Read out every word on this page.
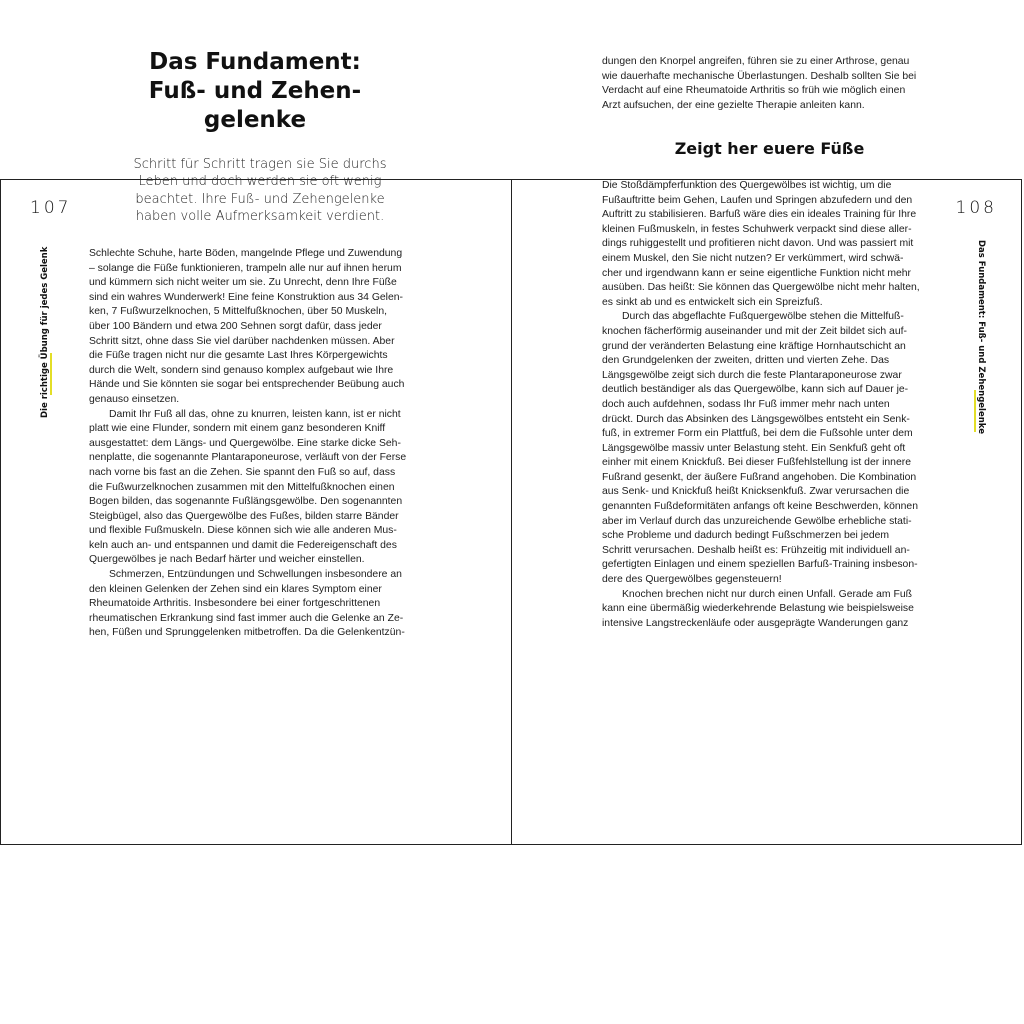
107	108
Die richtige Übung für jedes Gelenk
Das Fundament:
Fuß- und Zehen-
gelenke

Schritt für Schritt tragen sie Sie durchs
Leben und doch werden sie oft wenig
beachtet. Ihre Fuß- und Zehengelenke
haben volle Aufmerksamkeit verdient.

Schlechte Schuhe, harte Böden, mangelnde Pflege und Zuwendung
– solange die Füße funktionieren, trampeln alle nur auf ihnen herum
und kümmern sich nicht weiter um sie. Zu Unrecht, denn Ihre Füße
sind ein wahres Wunderwerk! Eine feine Konstruktion aus 34 Gelen-
ken, 7 Fußwurzelknochen, 5 Mittelfußknochen, über 50 Muskeln,
über 100 Bändern und etwa 200 Sehnen sorgt dafür, dass jeder
Schritt sitzt, ohne dass Sie viel darüber nachdenken müssen. Aber
die Füße tragen nicht nur die gesamte Last Ihres Körpergewichts
durch die Welt, sondern sind genauso komplex aufgebaut wie Ihre
Hände und Sie könnten sie sogar bei entsprechender Beübung auch
genauso einsetzen.
Damit Ihr Fuß all das, ohne zu knurren, leisten kann, ist er nicht
platt wie eine Flunder, sondern mit einem ganz besonderen Kniff
ausgestattet: dem Längs- und Quergewölbe. Eine starke dicke Seh-
nenplatte, die sogenannte Plantaraponeurose, verläuft von der Ferse
nach vorne bis fast an die Zehen. Sie spannt den Fuß so auf, dass
die Fußwurzelknochen zusammen mit den Mittelfußknochen einen
Bogen bilden, das sogenannte Fußlängsgewölbe. Den sogenannten
Steigbügel, also das Quergewölbe des Fußes, bilden starre Bänder
und flexible Fußmuskeln. Diese können sich wie alle anderen Mus-
keln auch an- und entspannen und damit die Federeigenschaft des
Quergewölbes je nach Bedarf härter und weicher einstellen.
Schmerzen, Entzündungen und Schwellungen insbesondere an
den kleinen Gelenken der Zehen sind ein klares Symptom einer
Rheumatoide Arthritis. Insbesondere bei einer fortgeschrittenen
rheumatischen Erkrankung sind fast immer auch die Gelenke an Ze-
hen, Füßen und Sprunggelenken mitbetroffen. Da die Gelenkentzün-
dungen den Knorpel angreifen, führen sie zu einer Arthrose, genau
wie dauerhafte mechanische Überlastungen. Deshalb sollten Sie bei
Verdacht auf eine Rheumatoide Arthritis so früh wie möglich einen
Arzt aufsuchen, der eine gezielte Therapie anleiten kann.
Zeigt her euere Füße
Die Stoßdämpferfunktion des Quergewölbes ist wichtig, um die
Fußauftritte beim Gehen, Laufen und Springen abzufedern und den
Auftritt zu stabilisieren. Barfuß wäre dies ein ideales Training für Ihre
kleinen Fußmuskeln, in festes Schuhwerk verpackt sind diese aller-
dings ruhiggestellt und profitieren nicht davon. Und was passiert mit
einem Muskel, den Sie nicht nutzen? Er verkümmert, wird schwä-
cher und irgendwann kann er seine eigentliche Funktion nicht mehr
ausüben. Das heißt: Sie können das Quergewölbe nicht mehr halten,
es sinkt ab und es entwickelt sich ein Spreizfuß.
Durch das abgeflachte Fußquergewölbe stehen die Mittelfuß-
knochen fächerförmig auseinander und mit der Zeit bildet sich auf-
grund der veränderten Belastung eine kräftige Hornhautschicht an
den Grundgelenken der zweiten, dritten und vierten Zehe. Das
Längsgewölbe zeigt sich durch die feste Plantaraponeurose zwar
deutlich beständiger als das Quergewölbe, kann sich auf Dauer je-
doch auch aufdehnen, sodass Ihr Fuß immer mehr nach unten
drückt. Durch das Absinken des Längsgewölbes entsteht ein Senk-
fuß, in extremer Form ein Plattfuß, bei dem die Fußsohle unter dem
Längsgewölbe massiv unter Belastung steht. Ein Senkfuß geht oft
einher mit einem Knickfuß. Bei dieser Fußfehlstellung ist der innere
Fußrand gesenkt, der äußere Fußrand angehoben. Die Kombination
aus Senk- und Knickfuß heißt Knicksenkfuß. Zwar verursachen die
genannten Fußdeformitäten anfangs oft keine Beschwerden, können
aber im Verlauf durch das unzureichende Gewölbe erhebliche stati-
sche Probleme und dadurch bedingt Fußschmerzen bei jedem
Schritt verursachen. Deshalb heißt es: Frühzeitig mit individuell an-
gefertigten Einlagen und einem speziellen Barfuß-Training insbeson-
dere des Quergewölbes gegensteuern!
Knochen brechen nicht nur durch einen Unfall. Gerade am Fuß
kann eine übermäßig wiederkehrende Belastung wie beispielsweise
intensive Langstreckenläufe oder ausgeprägte Wanderungen ganz
Das Fundament: Fuß- und Zehengelenke
